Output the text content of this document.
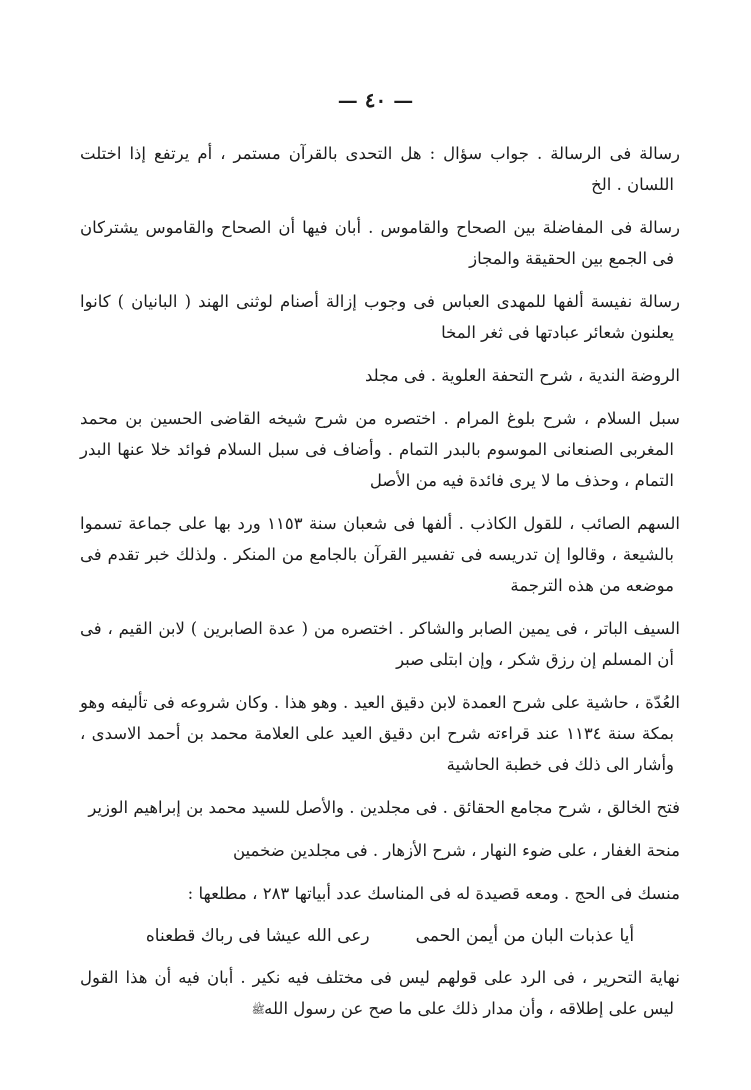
— ٤٠ —

رسالة فى الرسالة . جواب سؤال : هل التحدى بالقرآن مستمر ، أم يرتفع إذا اختلت اللسان . الخ

رسالة فى المفاضلة بين الصحاح والقاموس . أبان فيها أن الصحاح والقاموس يشتركان فى الجمع بين الحقيقة والمجاز

رسالة نفيسة ألفها للمهدى العباس فى وجوب إزالة أصنام لوثنى الهند ( البانيان ) كانوا يعلنون شعائر عبادتها فى ثغر المخا

الروضة الندية ، شرح التحفة العلوية . فى مجلد

سبل السلام ، شرح بلوغ المرام . اختصره من شرح شيخه القاضى الحسين بن محمد المغربى الصنعانى الموسوم بالبدر التمام . وأضاف فى سبل السلام فوائد خلا عنها البدر التمام ، وحذف ما لا يرى فائدة فيه من الأصل

السهم الصائب ، للقول الكاذب . ألفها فى شعبان سنة ١١٥٣ ورد بها على جماعة تسموا بالشيعة ، وقالوا إن تدريسه فى تفسير القرآن بالجامع من المنكر . ولذلك خبر تقدم فى موضعه من هذه الترجمة

السيف الباتر ، فى يمين الصابر والشاكر . اختصره من ( عدة الصابرين ) لابن القيم ، فى أن المسلم إن رزق شكر ، وإن ابتلى صبر

العُدّة ، حاشية على شرح العمدة لابن دقيق العيد . وهو هذا . وكان شروعه فى تأليفه وهو بمكة سنة ١١٣٤ عند قراءته شرح ابن دقيق العيد على العلامة محمد بن أحمد الاسدى ، وأشار الى ذلك فى خطبة الحاشية

فتح الخالق ، شرح مجامع الحقائق . فى مجلدين . والأصل للسيد محمد بن إبراهيم الوزير

منحة الغفار ، على ضوء النهار ، شرح الأزهار . فى مجلدين ضخمين

منسك فى الحج . ومعه قصيدة له فى المناسك عدد أبياتها ٢٨٣ ، مطلعها :

أيا عذبات البان من أيمن الحمى
رعى الله عيشا فى رباك قطعناه

نهاية التحرير ، فى الرد على قولهم ليس فى مختلف فيه نكير . أبان فيه أن هذا القول ليس على إطلاقه ، وأن مدار ذلك على ما صح عن رسول الله ﷺ
